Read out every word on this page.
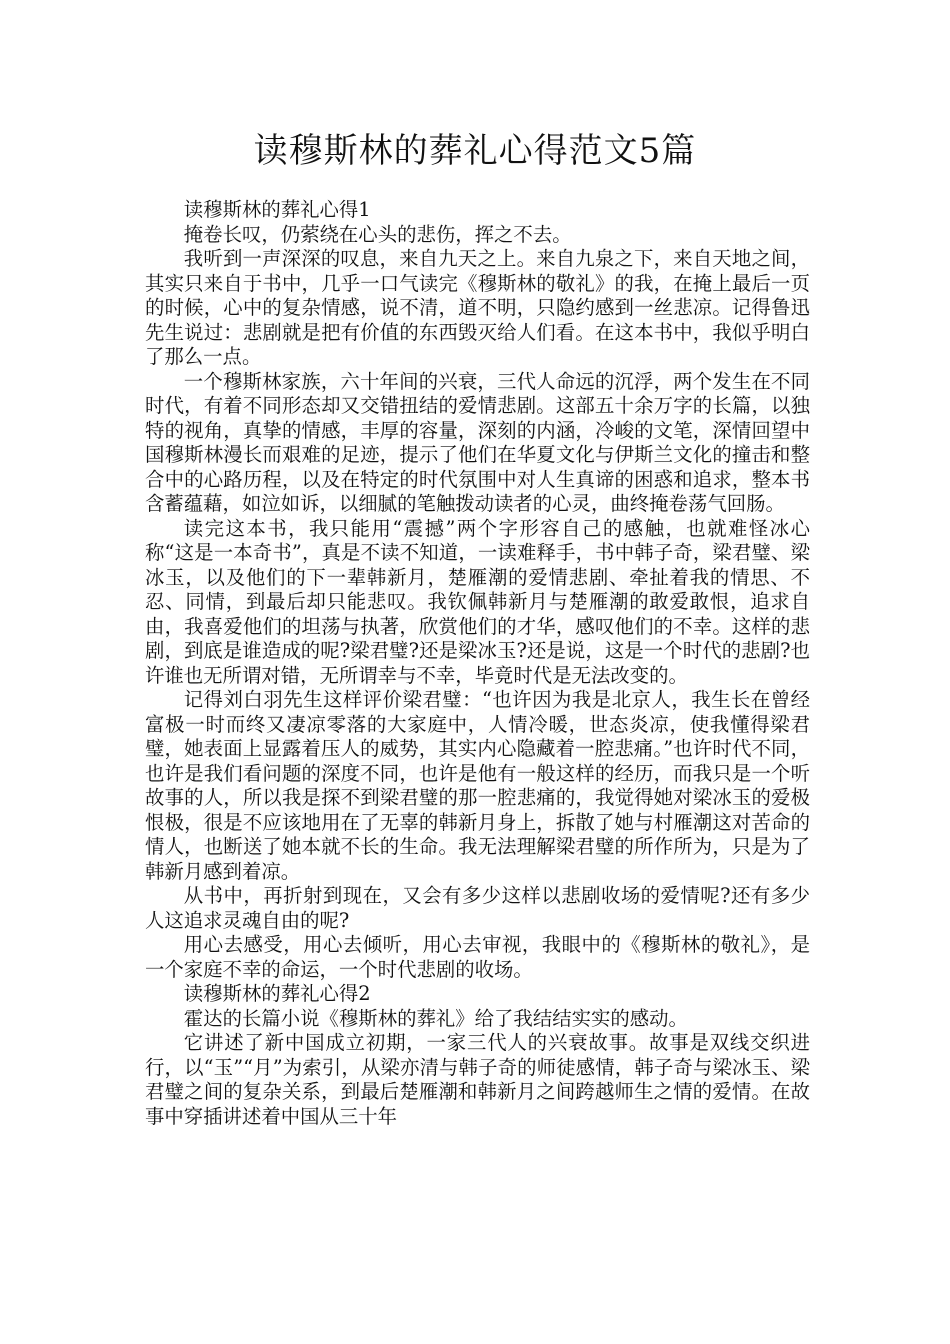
读穆斯林的葬礼心得范文5篇

读穆斯林的葬礼心得1

掩卷长叹，仍萦绕在心头的悲伤，挥之不去。

我听到一声深深的叹息，来自九天之上。来自九泉之下，来自天地之间，其实只来自于书中，几乎一口气读完《穆斯林的敬礼》的我，在掩上最后一页的时候，心中的复杂情感，说不清，道不明，只隐约感到一丝悲凉。记得鲁迅先生说过：悲剧就是把有价值的东西毁灭给人们看。在这本书中，我似乎明白了那么一点。

一个穆斯林家族，六十年间的兴衰，三代人命远的沉浮，两个发生在不同时代，有着不同形态却又交错扭结的爱情悲剧。这部五十余万字的长篇，以独特的视角，真挚的情感，丰厚的容量，深刻的内涵，冷峻的文笔，深情回望中国穆斯林漫长而艰难的足迹，提示了他们在华夏文化与伊斯兰文化的撞击和整合中的心路历程，以及在特定的时代氛围中对人生真谛的困惑和追求，整本书含蓄蕴藉，如泣如诉，以细腻的笔触拨动读者的心灵，曲终掩卷荡气回肠。

读完这本书，我只能用“震撼”两个字形容自己的感触，也就难怪冰心称“这是一本奇书”，真是不读不知道，一读难释手，书中韩子奇，梁君璧、梁冰玉，以及他们的下一辈韩新月，楚雁潮的爱情悲剧、牵扯着我的情思、不忍、同情，到最后却只能悲叹。我钦佩韩新月与楚雁潮的敢爱敢恨，追求自由，我喜爱他们的坦荡与执著，欣赏他们的才华，感叹他们的不幸。这样的悲剧，到底是谁造成的呢?梁君璧?还是梁冰玉?还是说，这是一个时代的悲剧?也许谁也无所谓对错，无所谓幸与不幸，毕竟时代是无法改变的。

记得刘白羽先生这样评价梁君璧：“也许因为我是北京人，我生长在曾经富极一时而终又凄凉零落的大家庭中，人情冷暖，世态炎凉，使我懂得梁君璧，她表面上显露着压人的威势，其实内心隐藏着一腔悲痛。”也许时代不同，也许是我们看问题的深度不同，也许是他有一般这样的经历，而我只是一个听故事的人，所以我是探不到梁君璧的那一腔悲痛的，我觉得她对梁冰玉的爱极恨极，很是不应该地用在了无辜的韩新月身上，拆散了她与村雁潮这对苦命的情人，也断送了她本就不长的生命。我无法理解梁君璧的所作所为，只是为了韩新月感到着凉。

从书中，再折射到现在，又会有多少这样以悲剧收场的爱情呢?还有多少人这追求灵魂自由的呢?

用心去感受，用心去倾听，用心去审视，我眼中的《穆斯林的敬礼》，是一个家庭不幸的命运，一个时代悲剧的收场。

读穆斯林的葬礼心得2

霍达的长篇小说《穆斯林的葬礼》给了我结结实实的感动。

它讲述了新中国成立初期，一家三代人的兴衰故事。故事是双线交织进行，以“玉”“月”为索引，从梁亦清与韩子奇的师徒感情，韩子奇与梁冰玉、梁君璧之间的复杂关系，到最后楚雁潮和韩新月之间跨越师生之情的爱情。在故事中穿插讲述着中国从三十年
